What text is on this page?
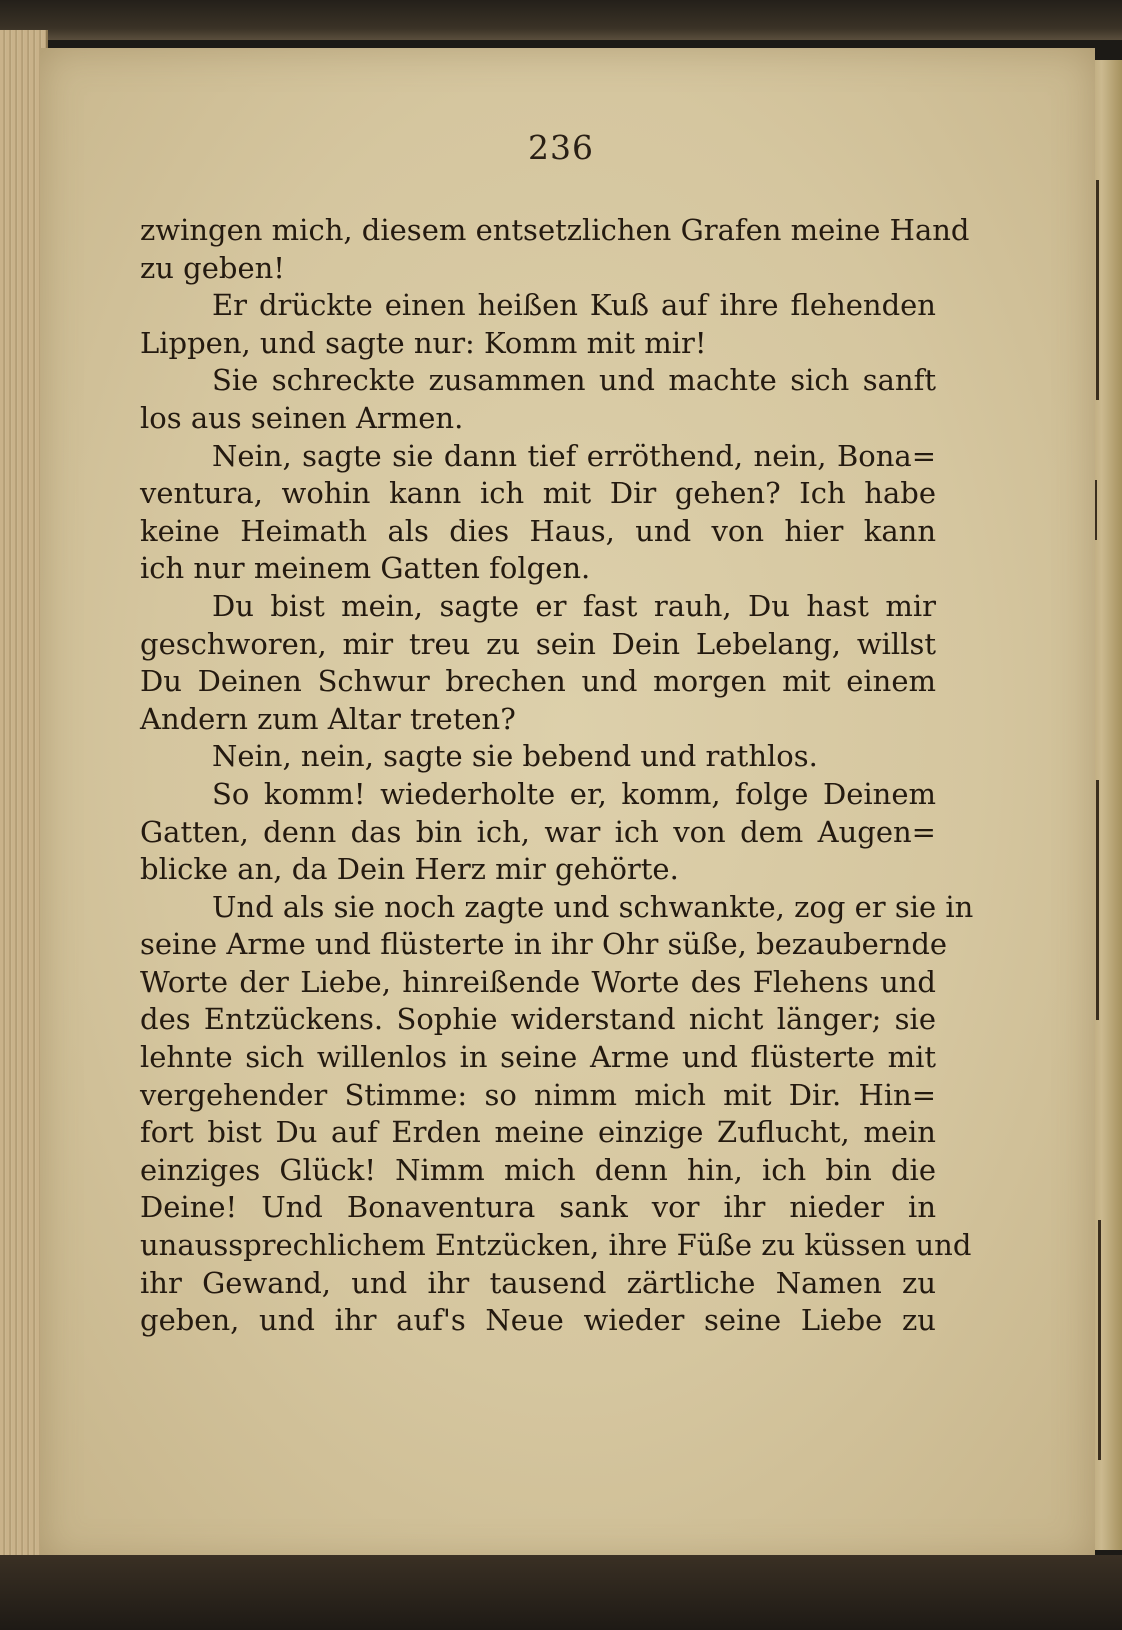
236
zwingen mich, diesem entsetzlichen Grafen meine Hand
zu geben!
Er drückte einen heißen Kuß auf ihre flehenden
Lippen, und sagte nur: Komm mit mir!
Sie schreckte zusammen und machte sich sanft
los aus seinen Armen.
Nein, sagte sie dann tief erröthend, nein, Bona=
ventura, wohin kann ich mit Dir gehen? Ich habe
keine Heimath als dies Haus, und von hier kann
ich nur meinem Gatten folgen.
Du bist mein, sagte er fast rauh, Du hast mir
geschworen, mir treu zu sein Dein Lebelang, willst
Du Deinen Schwur brechen und morgen mit einem
Andern zum Altar treten?
Nein, nein, sagte sie bebend und rathlos.
So komm! wiederholte er, komm, folge Deinem
Gatten, denn das bin ich, war ich von dem Augen=
blicke an, da Dein Herz mir gehörte.
Und als sie noch zagte und schwankte, zog er sie in
seine Arme und flüsterte in ihr Ohr süße, bezaubernde
Worte der Liebe, hinreißende Worte des Flehens und
des Entzückens. Sophie widerstand nicht länger; sie
lehnte sich willenlos in seine Arme und flüsterte mit
vergehender Stimme: so nimm mich mit Dir. Hin=
fort bist Du auf Erden meine einzige Zuflucht, mein
einziges Glück! Nimm mich denn hin, ich bin die
Deine! Und Bonaventura sank vor ihr nieder in
unaussprechlichem Entzücken, ihre Füße zu küssen und
ihr Gewand, und ihr tausend zärtliche Namen zu
geben, und ihr auf's Neue wieder seine Liebe zu
